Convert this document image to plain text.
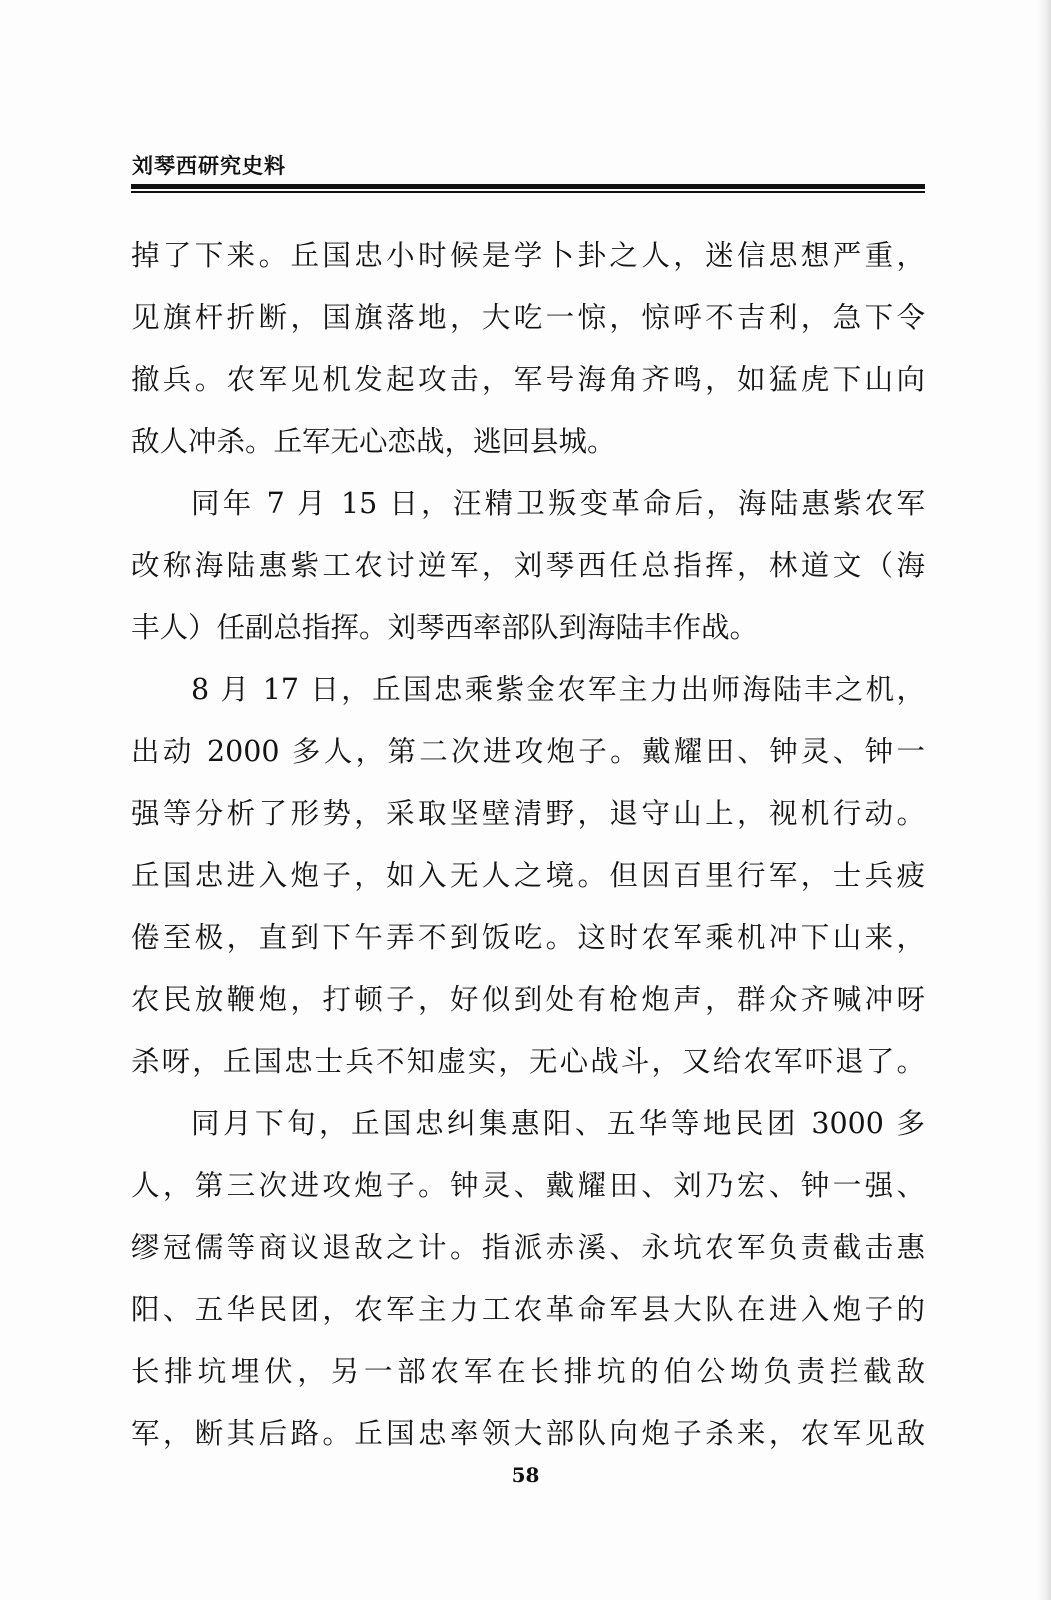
刘琴西研究史料
掉了下来。丘国忠小时候是学卜卦之人，迷信思想严重，
见旗杆折断，国旗落地，大吃一惊，惊呼不吉利，急下令
撤兵。农军见机发起攻击，军号海角齐鸣，如猛虎下山向
敌人冲杀。丘军无心恋战，逃回县城。
同年 7 月 15 日，汪精卫叛变革命后，海陆惠紫农军
改称海陆惠紫工农讨逆军，刘琴西任总指挥，林道文（海
丰人）任副总指挥。刘琴西率部队到海陆丰作战。
8 月 17 日，丘国忠乘紫金农军主力出师海陆丰之机，
出动 2000 多人，第二次进攻炮子。戴耀田、钟灵、钟一
强等分析了形势，采取坚壁清野，退守山上，视机行动。
丘国忠进入炮子，如入无人之境。但因百里行军，士兵疲
倦至极，直到下午弄不到饭吃。这时农军乘机冲下山来，
农民放鞭炮，打顿子，好似到处有枪炮声，群众齐喊冲呀
杀呀，丘国忠士兵不知虚实，无心战斗，又给农军吓退了。
同月下旬，丘国忠纠集惠阳、五华等地民团 3000 多
人，第三次进攻炮子。钟灵、戴耀田、刘乃宏、钟一强、
缪冠儒等商议退敌之计。指派赤溪、永坑农军负责截击惠
阳、五华民团，农军主力工农革命军县大队在进入炮子的
长排坑埋伏，另一部农军在长排坑的伯公坳负责拦截敌
军，断其后路。丘国忠率领大部队向炮子杀来，农军见敌
58
